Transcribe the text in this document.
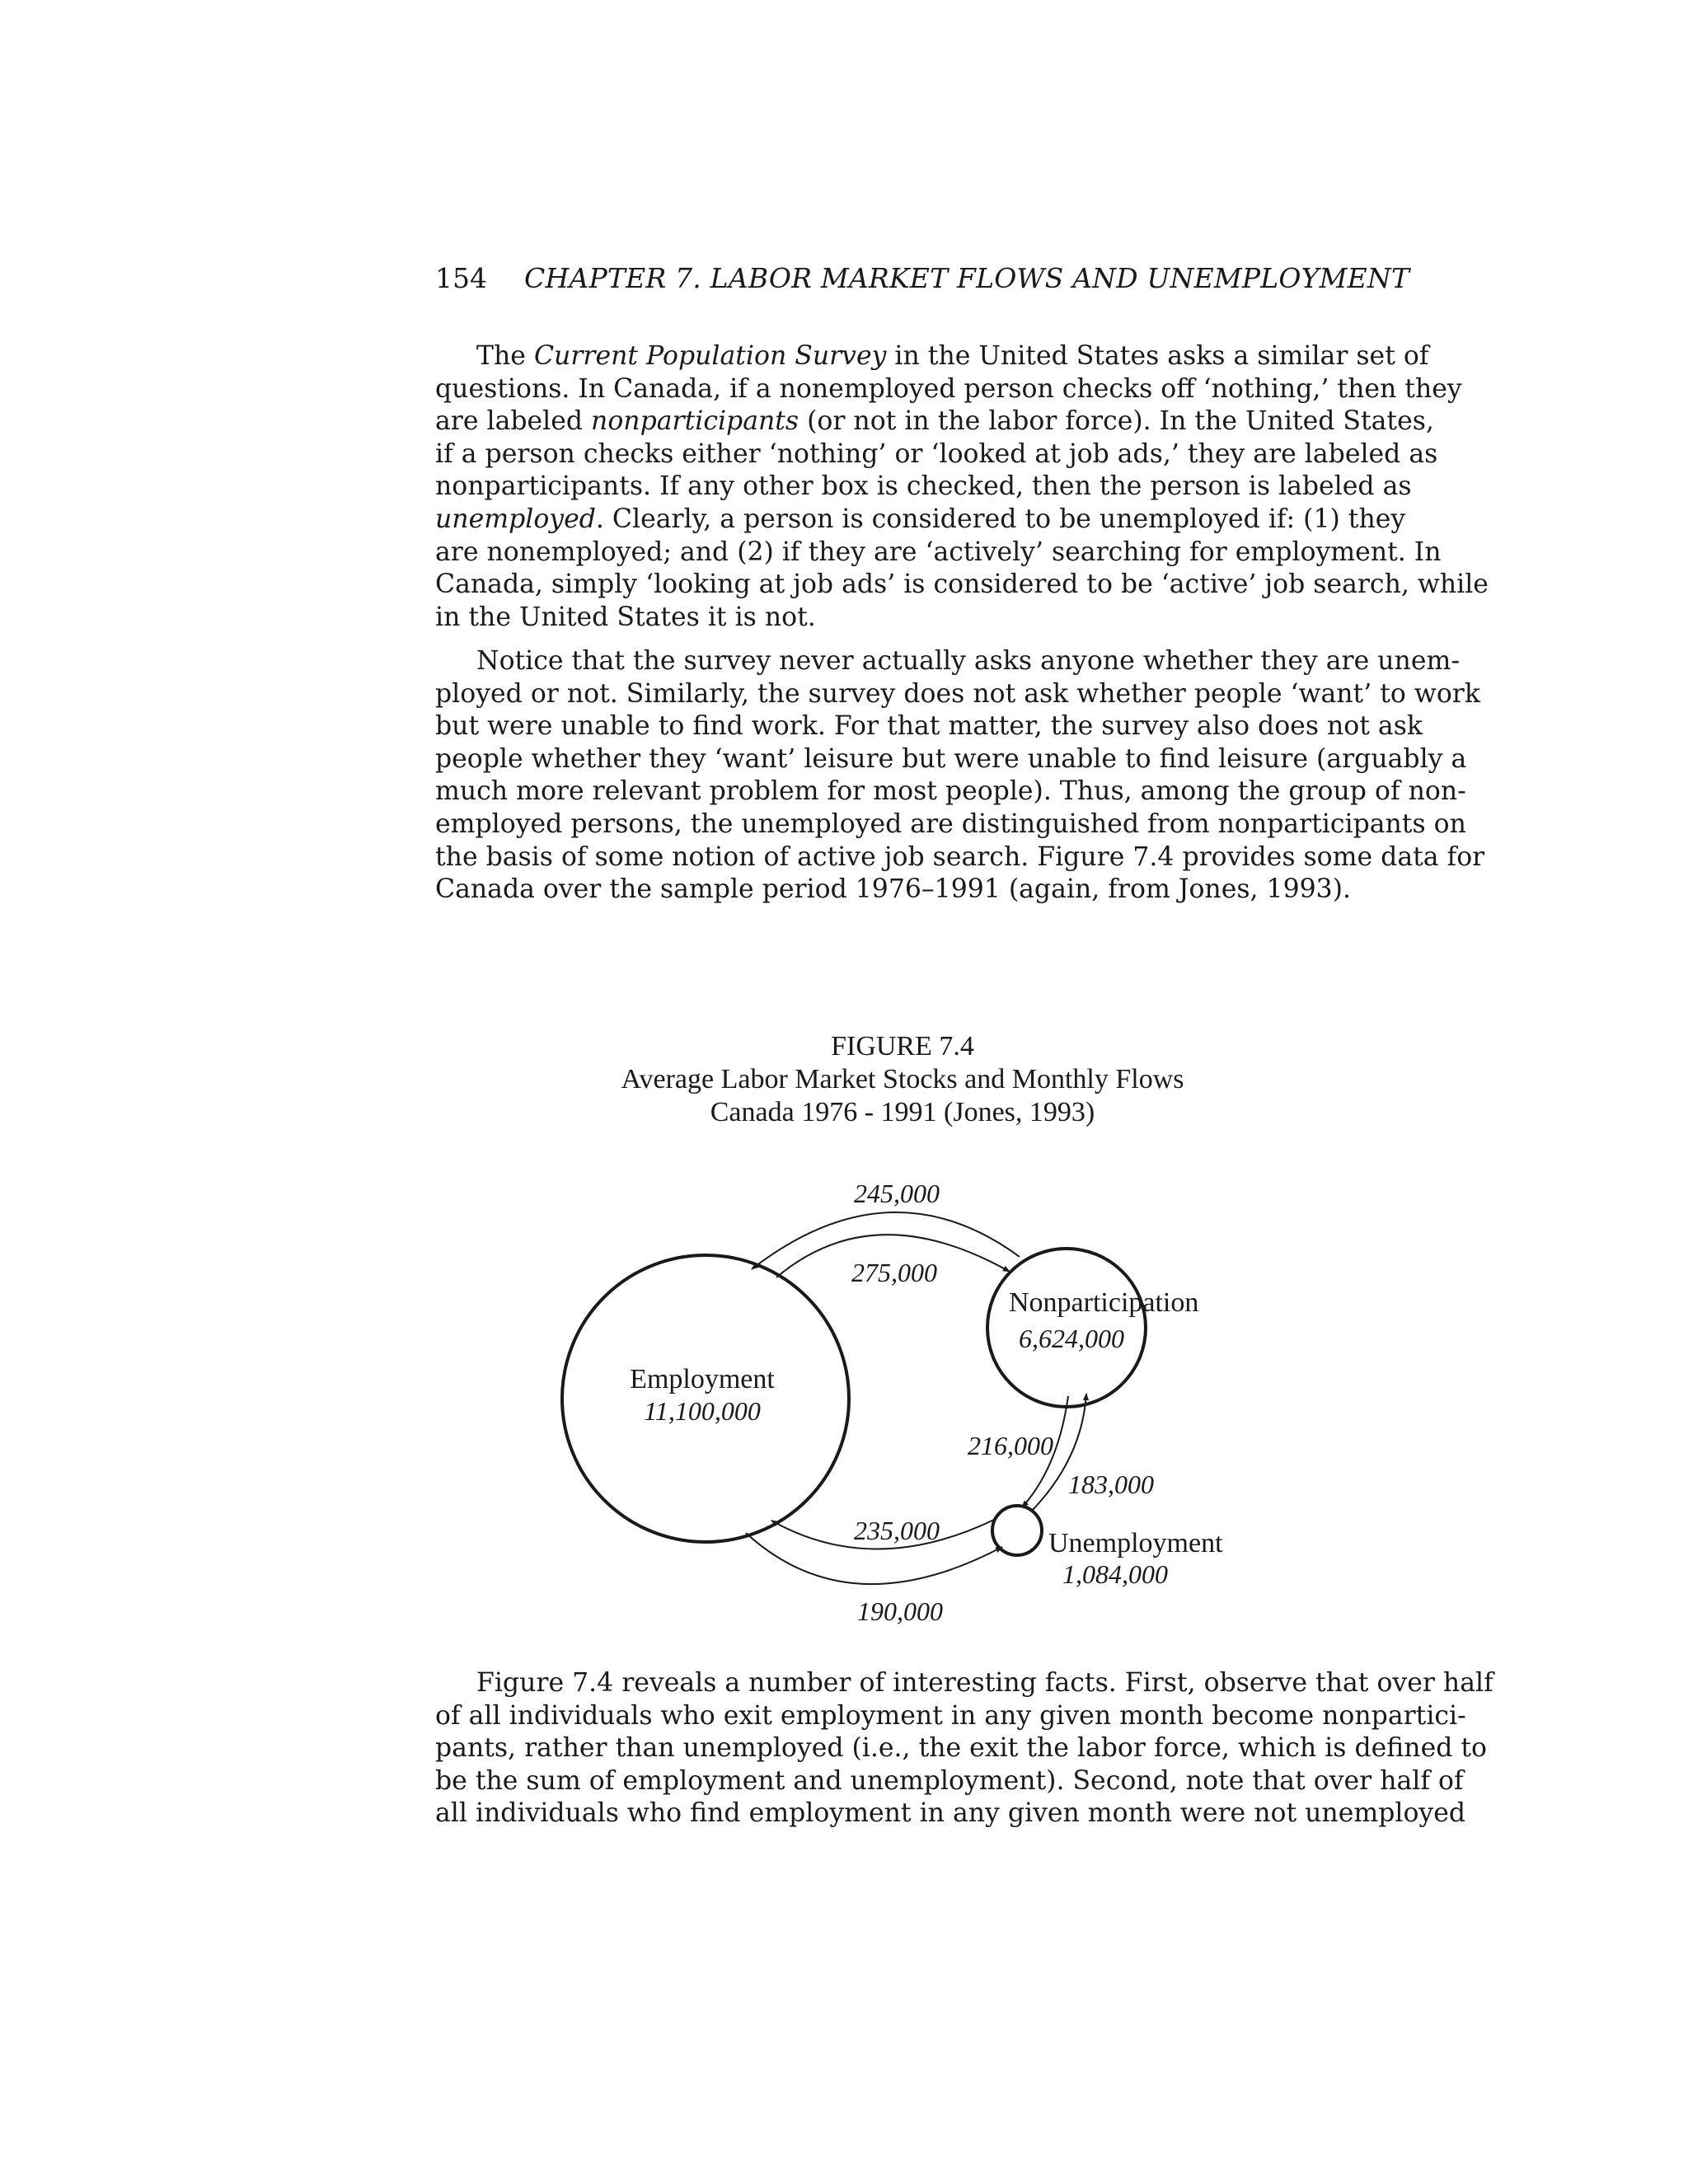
154 CHAPTER 7. LABOR MARKET FLOWS AND UNEMPLOYMENT
The Current Population Survey in the United States asks a similar set of
questions. In Canada, if a nonemployed person checks off ‘nothing,’ then they
are labeled nonparticipants (or not in the labor force). In the United States,
if a person checks either ‘nothing’ or ‘looked at job ads,’ they are labeled as
nonparticipants. If any other box is checked, then the person is labeled as
unemployed. Clearly, a person is considered to be unemployed if: (1) they
are nonemployed; and (2) if they are ‘actively’ searching for employment. In
Canada, simply ‘looking at job ads’ is considered to be ‘active’ job search, while
in the United States it is not.
Notice that the survey never actually asks anyone whether they are unem-
ployed or not. Similarly, the survey does not ask whether people ‘want’ to work
but were unable to find work. For that matter, the survey also does not ask
people whether they ‘want’ leisure but were unable to find leisure (arguably a
much more relevant problem for most people). Thus, among the group of non-
employed persons, the unemployed are distinguished from nonparticipants on
the basis of some notion of active job search. Figure 7.4 provides some data for
Canada over the sample period 1976–1991 (again, from Jones, 1993).
FIGURE 7.4
Average Labor Market Stocks and Monthly Flows
Canada 1976 - 1991 (Jones, 1993)
Employment
11,100,000
Nonparticipation
6,624,000
Unemployment
1,084,000
245,000
275,000
216,000
183,000
235,000
190,000
Figure 7.4 reveals a number of interesting facts. First, observe that over half
of all individuals who exit employment in any given month become nonpartici-
pants, rather than unemployed (i.e., the exit the labor force, which is defined to
be the sum of employment and unemployment). Second, note that over half of
all individuals who find employment in any given month were not unemployed
